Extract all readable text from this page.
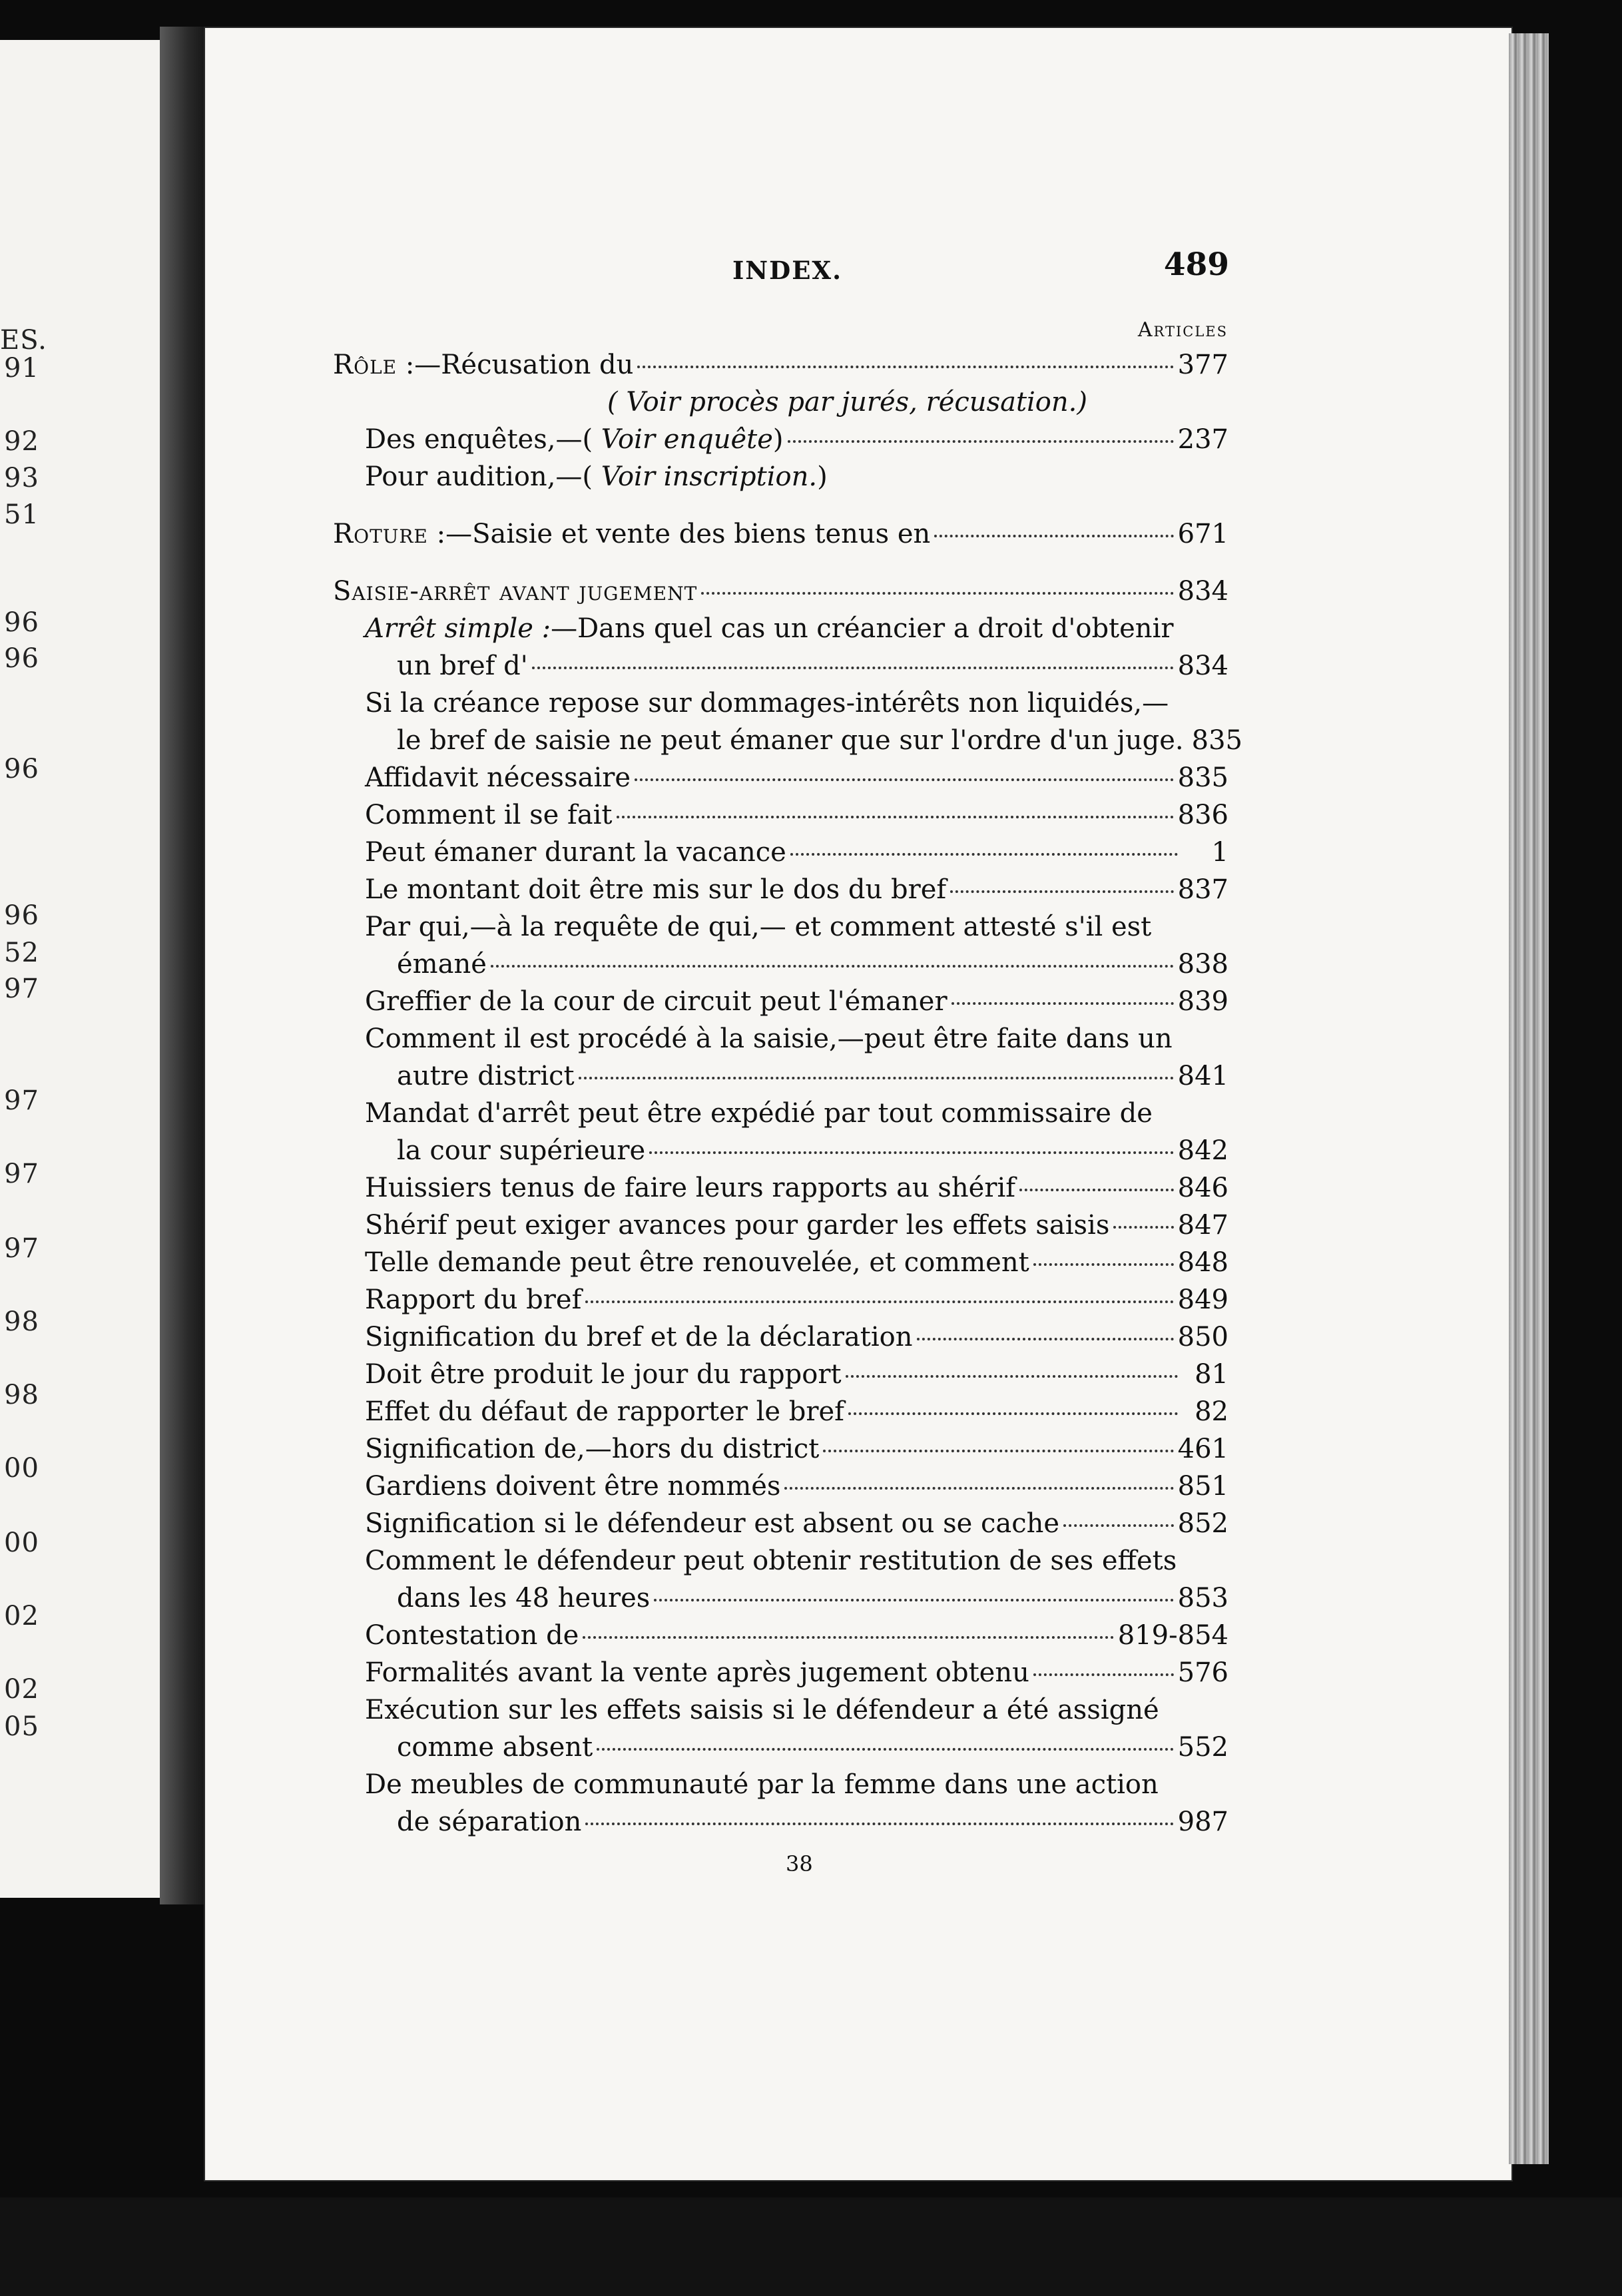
ES.
91
92
93
51
96
96
96
96
52
97
97
97
97
98
98
00
00
02
02
05
INDEX.	489
Articles
Rôle :—Récusation du	377
( Voir procès par jurés, récusation.)
Des enquêtes,—( Voir enquête)	237
Pour audition,—( Voir inscription.)
Roture :—Saisie et vente des biens tenus en	671
Saisie-arrêt avant jugement	834
Arrêt simple :—Dans quel cas un créancier a droit d'obtenir
un bref d'	834
Si la créance repose sur dommages-intérêts non liquidés,—
le bref de saisie ne peut émaner que sur l'ordre d'un juge. 835
Affidavit nécessaire	835
Comment il se fait	836
Peut émaner durant la vacance	1
Le montant doit être mis sur le dos du bref	837
Par qui,—à la requête de qui,— et comment attesté s'il est
émané	838
Greffier de la cour de circuit peut l'émaner	839
Comment il est procédé à la saisie,—peut être faite dans un
autre district	841
Mandat d'arrêt peut être expédié par tout commissaire de
la cour supérieure	842
Huissiers tenus de faire leurs rapports au shérif	846
Shérif peut exiger avances pour garder les effets saisis	847
Telle demande peut être renouvelée, et comment	848
Rapport du bref	849
Signification du bref et de la déclaration	850
Doit être produit le jour du rapport	81
Effet du défaut de rapporter le bref	82
Signification de,—hors du district	461
Gardiens doivent être nommés	851
Signification si le défendeur est absent ou se cache	852
Comment le défendeur peut obtenir restitution de ses effets
dans les 48 heures	853
Contestation de	819-854
Formalités avant la vente après jugement obtenu	576
Exécution sur les effets saisis si le défendeur a été assigné
comme absent	552
De meubles de communauté par la femme dans une action
de séparation	987
38
